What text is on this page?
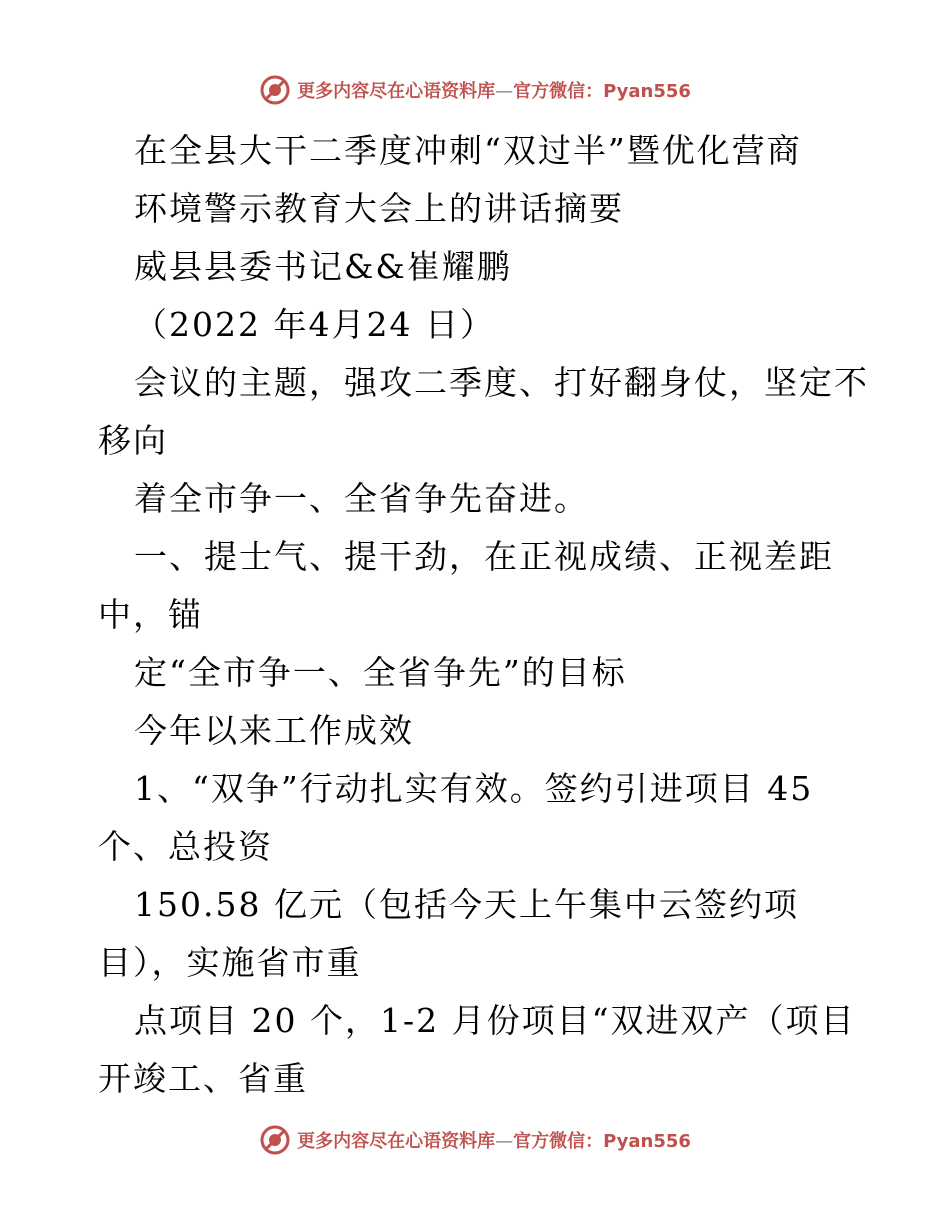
更多内容尽在心语资料库—官方微信：Pyan556
在全县大干二季度冲刺“双过半”暨优化营商
环境警示教育大会上的讲话摘要
威县县委书记&&崔耀鹏
（2022 年4月24 日）
会议的主题，强攻二季度、打好翻身仗，坚定不
移向
着全市争一、全省争先奋进。
一、提士气、提干劲，在正视成绩、正视差距
中，锚
定“全市争一、全省争先”的目标
今年以来工作成效
1、“双争”行动扎实有效。签约引进项目 45
个、总投资
150.58 亿元（包括今天上午集中云签约项
目），实施省市重
点项目 20 个，1-2 月份项目“双进双产（项目
开竣工、省重
更多内容尽在心语资料库—官方微信：Pyan556
